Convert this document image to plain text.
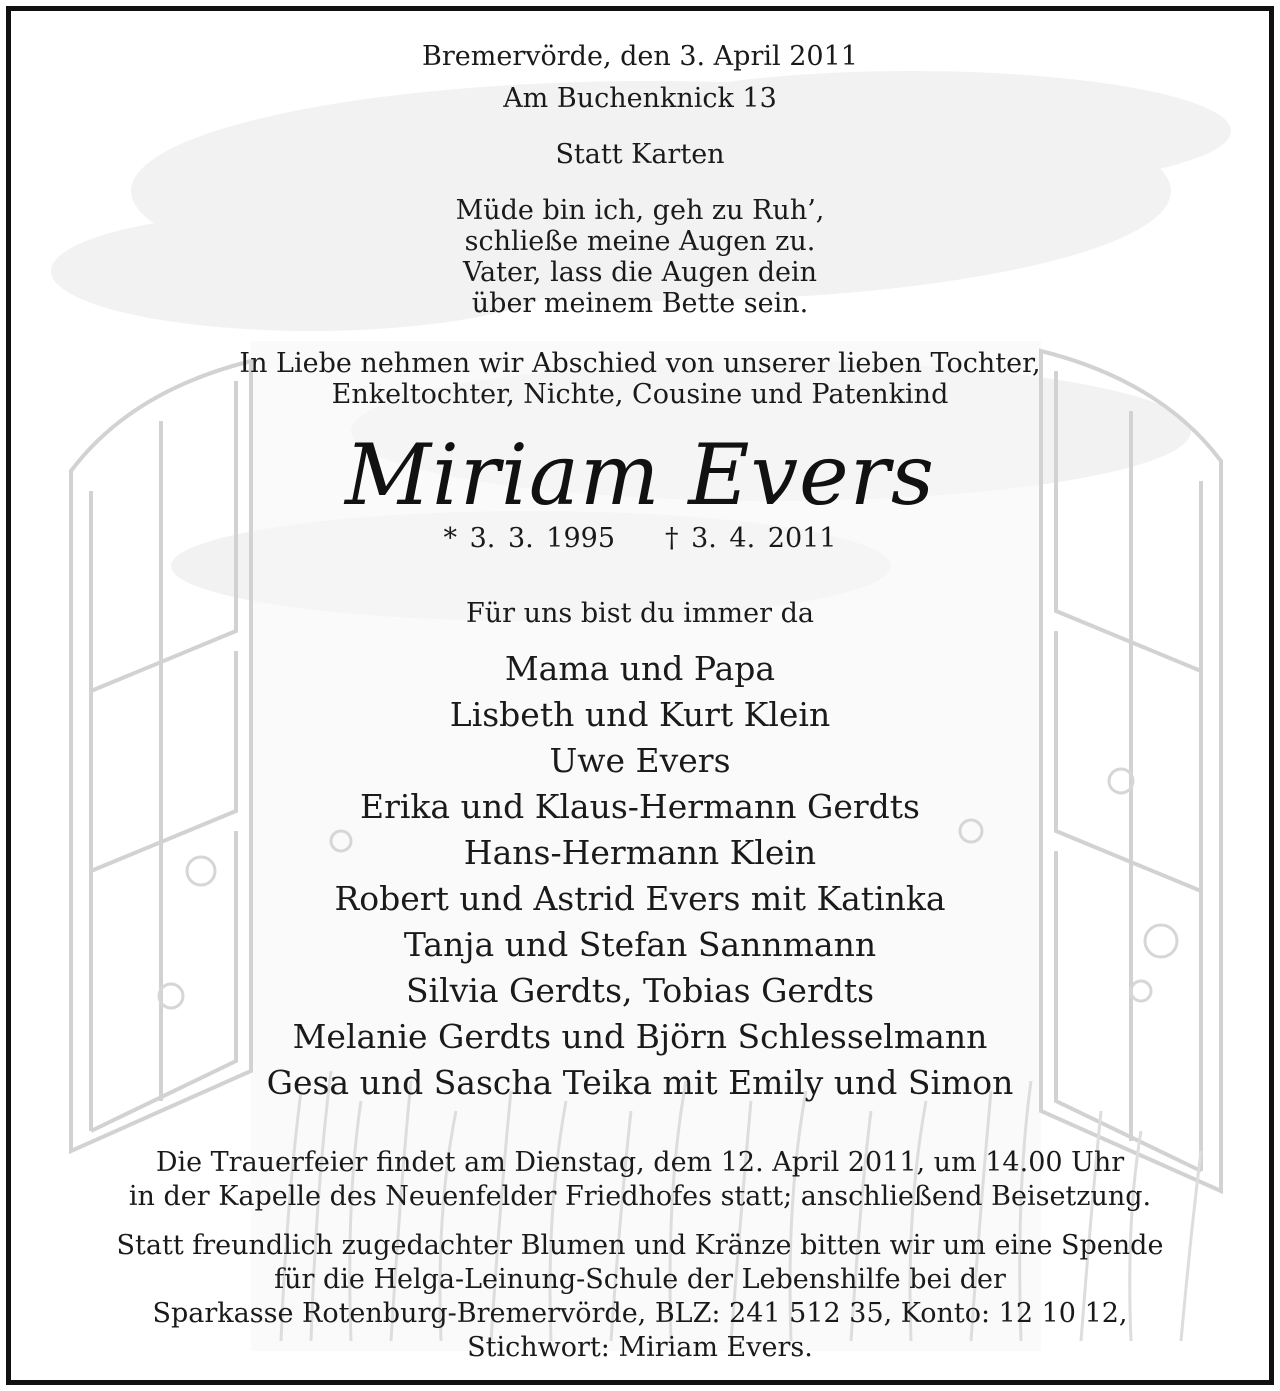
Bremervörde, den 3. April 2011
Am Buchenknick 13
Statt Karten
Müde bin ich, geh zu Ruh’,
schließe meine Augen zu.
Vater, lass die Augen dein
über meinem Bette sein.
In Liebe nehmen wir Abschied von unserer lieben Tochter,
Enkeltochter, Nichte, Cousine und Patenkind
Miriam Evers
* 3. 3. 1995 † 3. 4. 2011
Für uns bist du immer da
Mama und Papa
Lisbeth und Kurt Klein
Uwe Evers
Erika und Klaus-Hermann Gerdts
Hans-Hermann Klein
Robert und Astrid Evers mit Katinka
Tanja und Stefan Sannmann
Silvia Gerdts, Tobias Gerdts
Melanie Gerdts und Björn Schlesselmann
Gesa und Sascha Teika mit Emily und Simon
Die Trauerfeier findet am Dienstag, dem 12. April 2011, um 14.00 Uhr
in der Kapelle des Neuenfelder Friedhofes statt; anschließend Beisetzung.
Statt freundlich zugedachter Blumen und Kränze bitten wir um eine Spende
für die Helga-Leinung-Schule der Lebenshilfe bei der
Sparkasse Rotenburg-Bremervörde, BLZ: 241 512 35, Konto: 12 10 12,
Stichwort: Miriam Evers.
